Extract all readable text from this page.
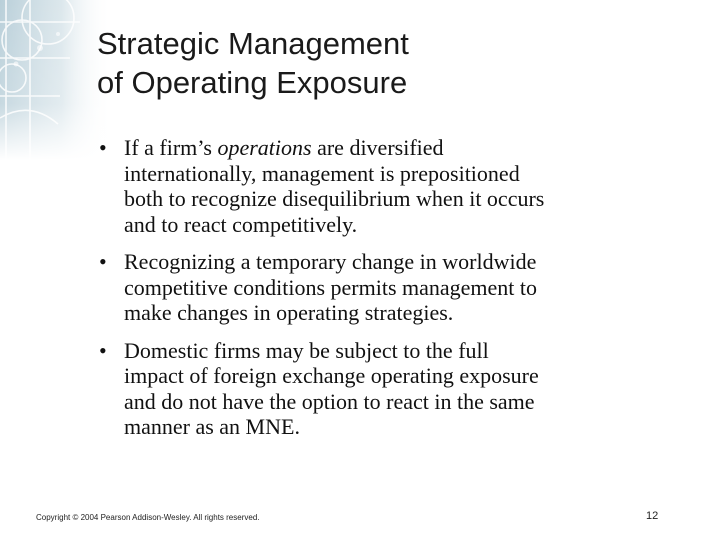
Strategic Management
of Operating Exposure
• If a firm’s operations are diversified
internationally, management is prepositioned
both to recognize disequilibrium when it occurs
and to react competitively.
• Recognizing a temporary change in worldwide
competitive conditions permits management to
make changes in operating strategies.
• Domestic firms may be subject to the full
impact of foreign exchange operating exposure
and do not have the option to react in the same
manner as an MNE.
Copyright © 2004 Pearson Addison-Wesley. All rights reserved.	12
